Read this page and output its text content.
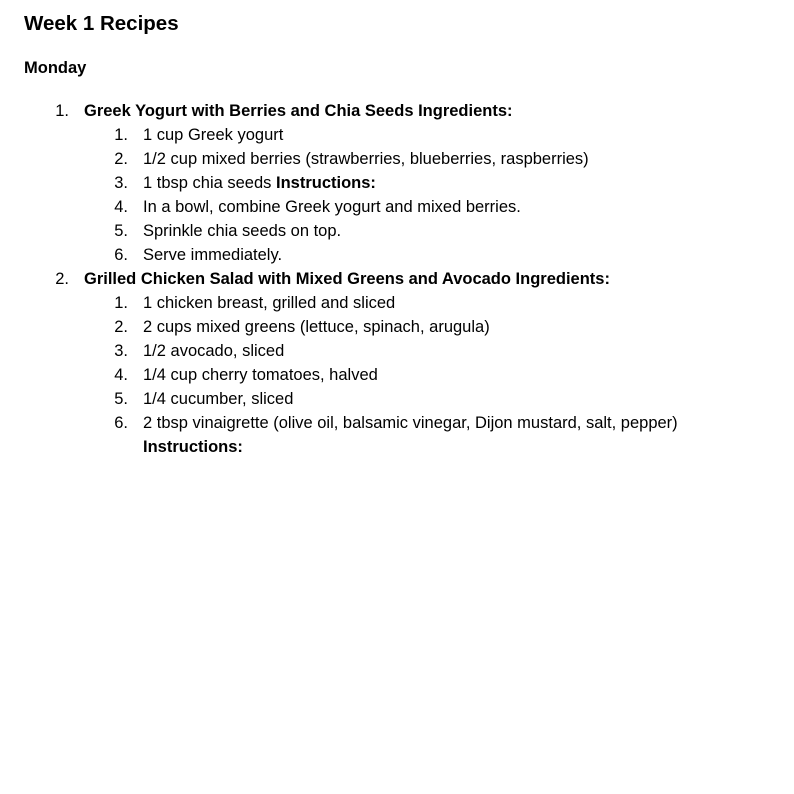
Week 1 Recipes
Monday
1. Greek Yogurt with Berries and Chia Seeds Ingredients:
1. 1 cup Greek yogurt
2. 1/2 cup mixed berries (strawberries, blueberries, raspberries)
3. 1 tbsp chia seeds Instructions:
4. In a bowl, combine Greek yogurt and mixed berries.
5. Sprinkle chia seeds on top.
6. Serve immediately.
2. Grilled Chicken Salad with Mixed Greens and Avocado Ingredients:
1. 1 chicken breast, grilled and sliced
2. 2 cups mixed greens (lettuce, spinach, arugula)
3. 1/2 avocado, sliced
4. 1/4 cup cherry tomatoes, halved
5. 1/4 cucumber, sliced
6. 2 tbsp vinaigrette (olive oil, balsamic vinegar, Dijon mustard, salt, pepper)
Instructions:
